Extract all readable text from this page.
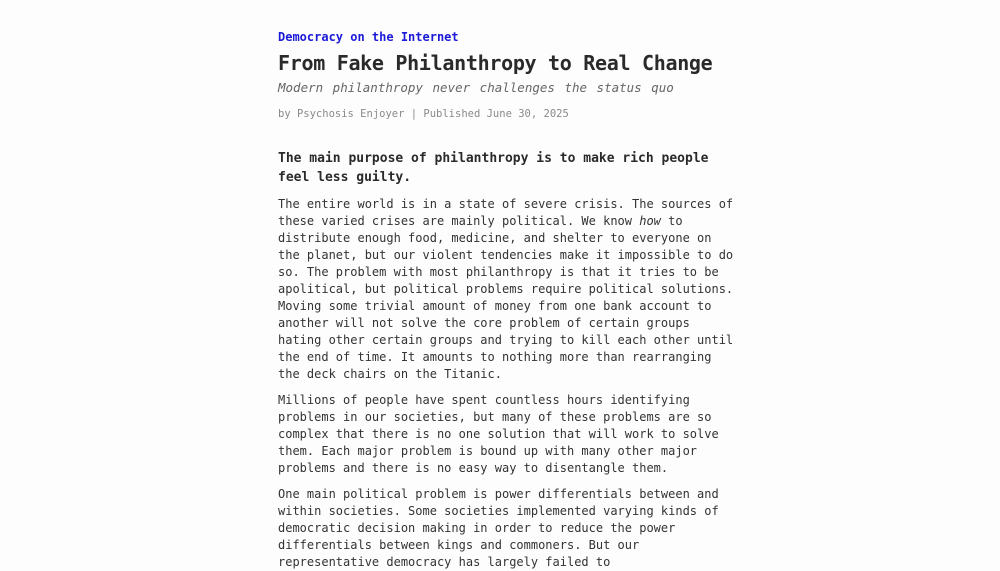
Democracy on the Internet
From Fake Philanthropy to Real Change
Modern philanthropy never challenges the status quo
by Psychosis Enjoyer | Published June 30, 2025

The main purpose of philanthropy is to make rich people feel less guilty.

The entire world is in a state of severe crisis. The sources of these varied crises are mainly political. We know how to distribute enough food, medicine, and shelter to everyone on the planet, but our violent tendencies make it impossible to do so. The problem with most philanthropy is that it tries to be apolitical, but political problems require political solutions. Moving some trivial amount of money from one bank account to another will not solve the core problem of certain groups hating other certain groups and trying to kill each other until the end of time. It amounts to nothing more than rearranging the deck chairs on the Titanic.

Millions of people have spent countless hours identifying problems in our societies, but many of these problems are so complex that there is no one solution that will work to solve them. Each major problem is bound up with many other major problems and there is no easy way to disentangle them.

One main political problem is power differentials between and within societies. Some societies implemented varying kinds of democratic decision making in order to reduce the power differentials between kings and commoners. But our representative democracy has largely failed to
